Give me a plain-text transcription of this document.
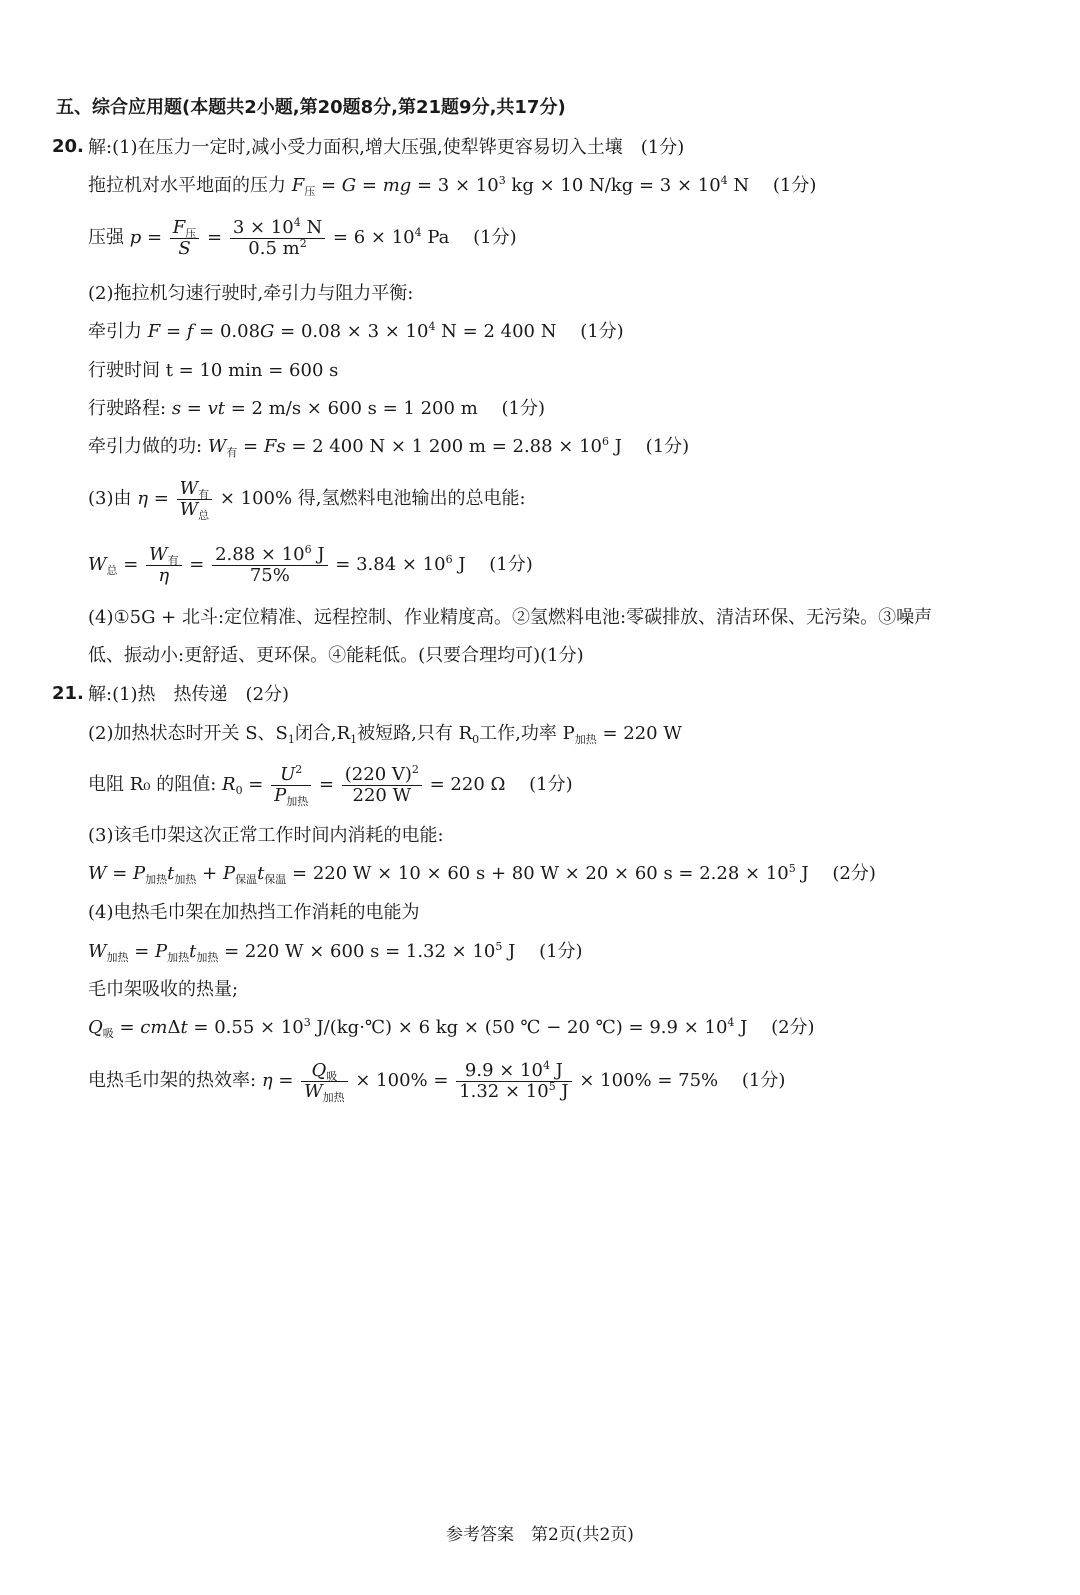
五、综合应用题(本题共2小题,第20题8分,第21题9分,共17分)
20. 解:(1)在压力一定时,减小受力面积,增大压强,使犁铧更容易切入土壤　(1分)
拖拉机对水平地面的压力 $F_压 = G$ = mg = $3 \times 10^3$ kg × 10 $N/kg = 3 \times 10^4$ N　 (1分)
压强 $p = \frac{F_压}{S} = \frac{3 \times 10^4 N}{0.5 m^2} = 6 \times 10^4$ Pa　 (1分)
(2)拖拉机匀速行驶时,牵引力与阻力平衡:
牵引力 $F = f = 0.08G = 0.08 \times 3 \times 10^4$ N = 2 400 N　 (1分)
行驶时间 t = 10 min = 600 s
行驶路程: s = vt = 2 m/s × 600 s = 1 200 m　 (1分)
牵引力做的功: $W_有 = Fs = 2$ 400 N × 1 200 $m = 2.88 \times 10^6$ J　 (1分)
(3)由 $\eta = \frac{W_有}{W_总} \times 100\%$ 得,氢燃料电池输出的总电能:
$W_总 = \frac{W_有}{\eta} = \frac{2.88 \times 10^6 J}{75\%} = 3.84 \times 10^6$ J　 (1分)
(4)①5G + 北斗:定位精准、远程控制、作业精度高。②氢燃料电池:零碳排放、清洁环保、无污染。③噪声
低、振动小:更舒适、更环保。④能耗低。(只要合理均可)(1分)
21. 解:(1)热　热传递　(2分)
(2)加热状态时开关 S、$S_1$闭合$,R_1$被短路,只有 $R_0$工作,功率 $P_{加热} = 220$ W
电阻 R₀ 的阻值: $R_0 = \frac{U^2}{P_{加热}} = \frac{(220 V)^2}{220 W} = 220$ Ω　 (1分)
(3)该毛巾架这次正常工作时间内消耗的电能:
$W = P_{加热}t_{加热} + P_{保温}t_{保温} = 220$ W × 10 × 60 s + 80 W × 20 × 60 $s = 2.28 \times 10^5$ J　 (2分)
(4)电热毛巾架在加热挡工作消耗的电能为
$W_{加热} = P_{加热}t_{加热} = 220$ W × 600 $s = 1.32 \times 10^5$ J　 (1分)
毛巾架吸收的热量;
$Q_吸 = cm\Delta t = 0.55 \times 10^3$ J/(kg·℃) × 6 kg × (50 ℃ − 20 ℃) = $9.9 \times 10^4$ J　 (2分)
电热毛巾架的热效率: $\eta = \frac{Q_吸}{W_{加热}} \times 100\% = \frac{9.9 \times 10^4 J}{1.32 \times 10^5 J} \times 100\% = 75\%$　 (1分)
参考答案　第2页(共2页)
